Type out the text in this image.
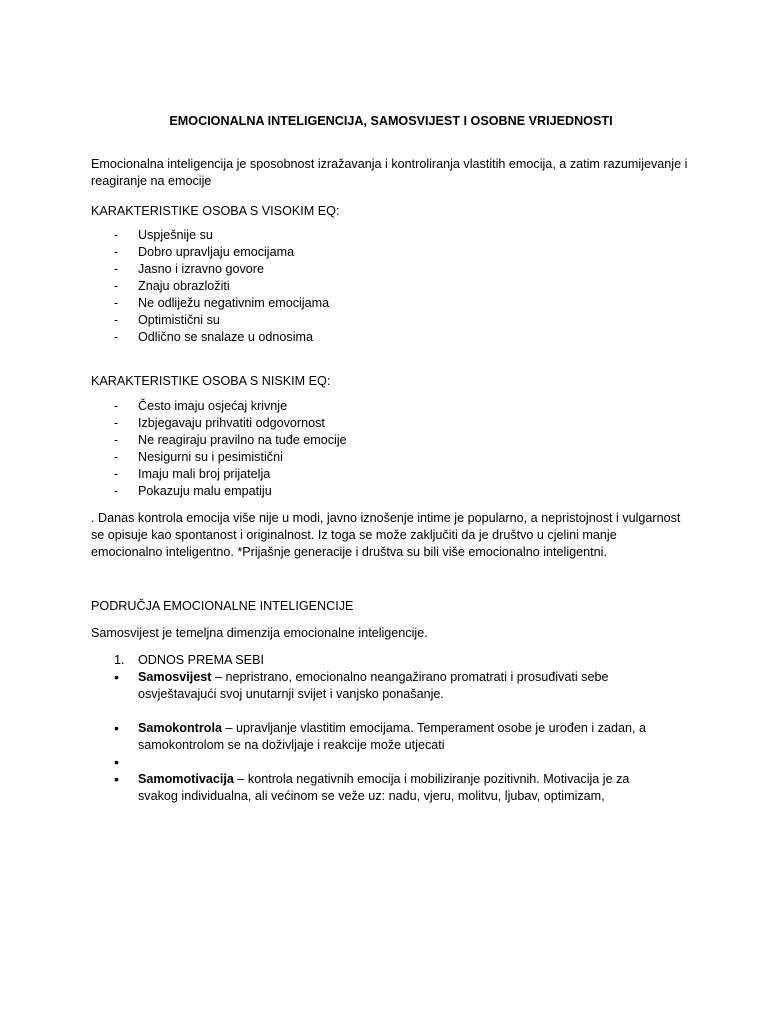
EMOCIONALNA INTELIGENCIJA, SAMOSVIJEST I OSOBNE VRIJEDNOSTI

Emocionalna inteligencija je sposobnost izražavanja i kontroliranja vlastitih emocija, a zatim razumijevanje i reagiranje na emocije

KARAKTERISTIKE OSOBA S VISOKIM EQ:

- Uspješnije su
- Dobro upravljaju emocijama
- Jasno i izravno govore
- Znaju obrazložiti
- Ne odliježu negativnim emocijama
- Optimistični su
- Odlično se snalaze u odnosima

KARAKTERISTIKE OSOBA S NISKIM EQ:

- Često imaju osjećaj krivnje
- Izbjegavaju prihvatiti odgovornost
- Ne reagiraju pravilno na tuđe emocije
- Nesigurni su i pesimistični
- Imaju mali broj prijatelja
- Pokazuju malu empatiju

. Danas kontrola emocija više nije u modi, javno iznošenje intime je popularno, a nepristojnost i vulgarnost se opisuje kao spontanost i originalnost. Iz toga se može zaključiti da je društvo u cjelini manje emocionalno inteligentno. *Prijašnje generacije i društva su bili više emocionalno inteligentni.

PODRUČJA EMOCIONALNE INTELIGENCIJE

Samosvijest je temeljna dimenzija emocionalne inteligencije.

1. ODNOS PREMA SEBI
• Samosvijest – nepristrano, emocionalno neangažirano promatrati i prosuđivati sebe osvještavajući svoj unutarnji svijet i vanjsko ponašanje.
• Samokontrola – upravljanje vlastitim emocijama. Temperament osobe je urođen i zadan, a samokontrolom se na doživljaje i reakcije može utjecati
•
• Samomotivacija – kontrola negativnih emocija i mobiliziranje pozitivnih. Motivacija je za svakog individualna, ali većinom se veže uz: nadu, vjeru, molitvu, ljubav, optimizam,
